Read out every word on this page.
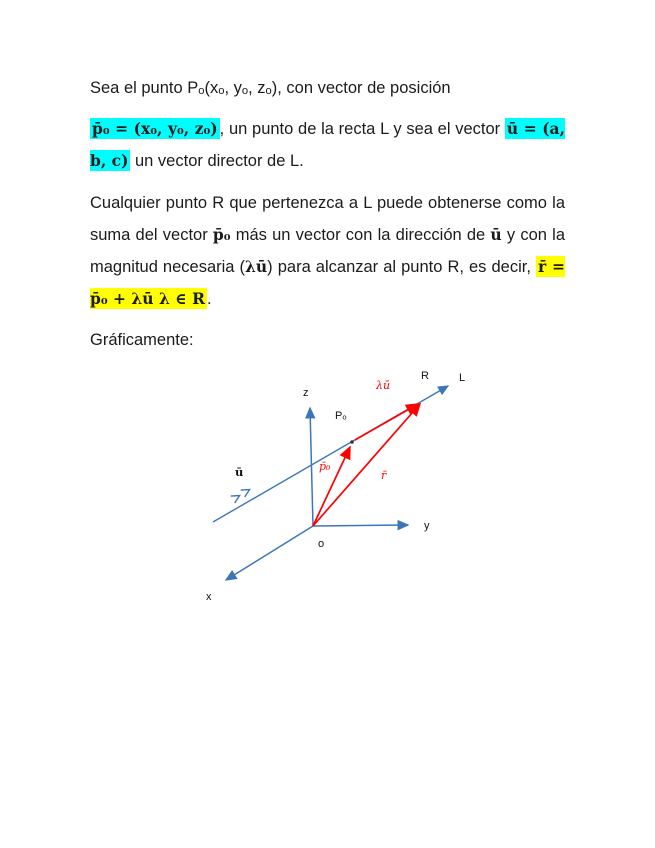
Sea el punto Pₒ(xₒ, yₒ, zₒ), con vector de posición

p̄₀ = (x₀, y₀, z₀) , un punto de la recta L y sea el vector ū = (a, b, c) un vector director de L.

Cualquier punto R que pertenezca a L puede obtenerse como la suma del vector p̄₀ más un vector con la dirección de ū y con la magnitud necesaria (λū) para alcanzar al punto R, es decir, r̄ = p̄₀ + λū λ ∈ R .

Gráficamente:

z
y
x
o
Pₒ
ū
L
R
λū
p̄₀
r̄
